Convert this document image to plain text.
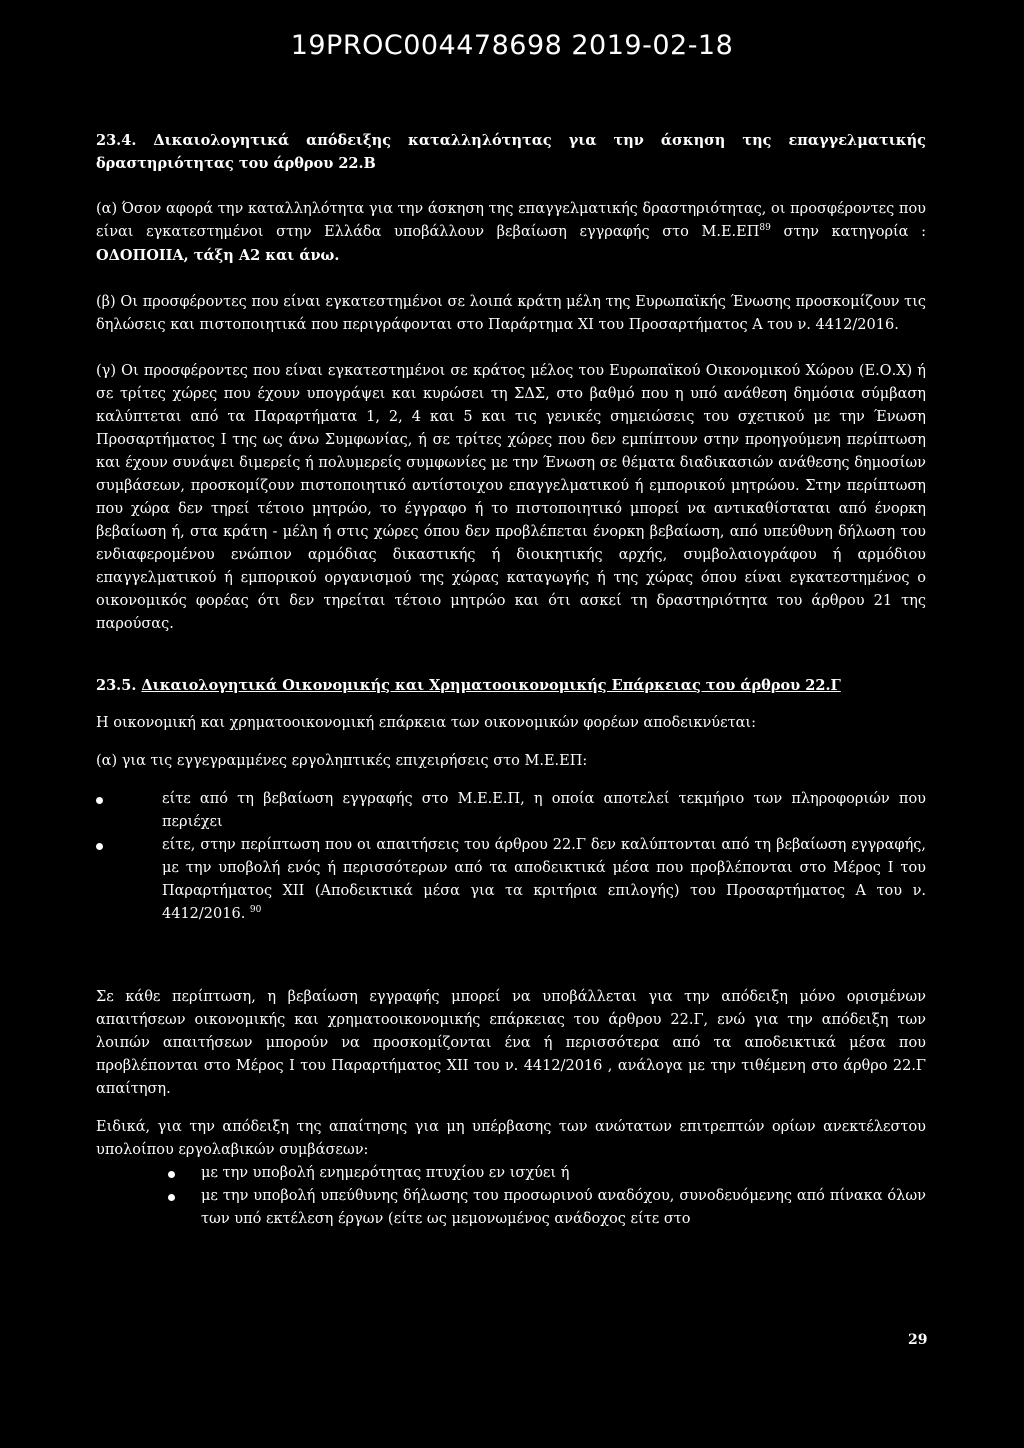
19PROC004478698 2019-02-18

23.4. Δικαιολογητικά απόδειξης καταλληλότητας για την άσκηση της επαγγελματικής δραστηριότητας του άρθρου 22.Β

(α) Όσον αφορά την καταλληλότητα για την άσκηση της επαγγελματικής δραστηριότητας, οι προσφέροντες που είναι εγκατεστημένοι στην Ελλάδα υποβάλλουν βεβαίωση εγγραφής στο Μ.Ε.ΕΠ$^{89}$ στην κατηγορία : ΟΔΟΠΟΙΙΑ, τάξη Α2 και άνω.

(β) Οι προσφέροντες που είναι εγκατεστημένοι σε λοιπά κράτη μέλη της Ευρωπαϊκής Ένωσης προσκομίζουν τις δηλώσεις και πιστοποιητικά που περιγράφονται στο Παράρτημα XI του Προσαρτήματος Α του ν. 4412/2016.

(γ) Οι προσφέροντες που είναι εγκατεστημένοι σε κράτος μέλος του Ευρωπαϊκού Οικονομικού Χώρου (Ε.Ο.Χ) ή σε τρίτες χώρες που έχουν υπογράψει και κυρώσει τη ΣΔΣ, στο βαθμό που η υπό ανάθεση δημόσια σύμβαση καλύπτεται από τα Παραρτήματα 1, 2, 4 και 5 και τις γενικές σημειώσεις του σχετικού με την Ένωση Προσαρτήματος I της ως άνω Συμφωνίας, ή σε τρίτες χώρες που δεν εμπίπτουν στην προηγούμενη περίπτωση και έχουν συνάψει διμερείς ή πολυμερείς συμφωνίες με την Ένωση σε θέματα διαδικασιών ανάθεσης δημοσίων συμβάσεων, προσκομίζουν πιστοποιητικό αντίστοιχου επαγγελματικού ή εμπορικού μητρώου. Στην περίπτωση που χώρα δεν τηρεί τέτοιο μητρώο, το έγγραφο ή το πιστοποιητικό μπορεί να αντικαθίσταται από ένορκη βεβαίωση ή, στα κράτη - μέλη ή στις χώρες όπου δεν προβλέπεται ένορκη βεβαίωση, από υπεύθυνη δήλωση του ενδιαφερομένου ενώπιον αρμόδιας δικαστικής ή διοικητικής αρχής, συμβολαιογράφου ή αρμόδιου επαγγελματικού ή εμπορικού οργανισμού της χώρας καταγωγής ή της χώρας όπου είναι εγκατεστημένος ο οικονομικός φορέας ότι δεν τηρείται τέτοιο μητρώο και ότι ασκεί τη δραστηριότητα του άρθρου 21 της παρούσας.

23.5. Δικαιολογητικά Οικονομικής και Χρηματοοικονομικής Επάρκειας του άρθρου 22.Γ

Η οικονομική και χρηματοοικονομική επάρκεια των οικονομικών φορέων αποδεικνύεται:

(α) για τις εγγεγραμμένες εργοληπτικές επιχειρήσεις στο Μ.Ε.ΕΠ:

είτε από τη βεβαίωση εγγραφής στο Μ.Ε.Ε.Π, η οποία αποτελεί τεκμήριο των πληροφοριών που περιέχει
είτε, στην περίπτωση που οι απαιτήσεις του άρθρου 22.Γ δεν καλύπτονται από τη βεβαίωση εγγραφής, με την υποβολή ενός ή περισσότερων από τα αποδεικτικά μέσα που προβλέπονται στο Μέρος Ι του Παραρτήματος XII (Αποδεικτικά μέσα για τα κριτήρια επιλογής) του Προσαρτήματος Α του ν. 4412/2016. $^{90}$

Σε κάθε περίπτωση, η βεβαίωση εγγραφής μπορεί να υποβάλλεται για την απόδειξη μόνο ορισμένων απαιτήσεων οικονομικής και χρηματοοικονομικής επάρκειας του άρθρου 22.Γ, ενώ για την απόδειξη των λοιπών απαιτήσεων μπορούν να προσκομίζονται ένα ή περισσότερα από τα αποδεικτικά μέσα που προβλέπονται στο Μέρος Ι του Παραρτήματος XII του ν. 4412/2016 , ανάλογα με την τιθέμενη στο άρθρο 22.Γ απαίτηση.

Ειδικά, για την απόδειξη της απαίτησης για μη υπέρβασης των ανώτατων επιτρεπτών ορίων ανεκτέλεστου υπολοίπου εργολαβικών συμβάσεων:

με την υποβολή ενημερότητας πτυχίου εν ισχύει ή
με την υποβολή υπεύθυνης δήλωσης του προσωρινού αναδόχου, συνοδευόμενης από πίνακα όλων των υπό εκτέλεση έργων (είτε ως μεμονωμένος ανάδοχος είτε στο
29
